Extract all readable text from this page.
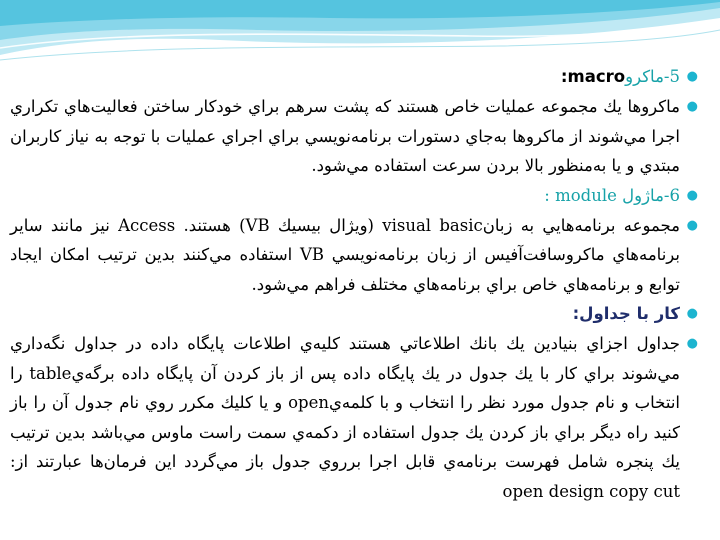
●
5-ماكروmacro:
●
ماكروها يك مجموعه عمليات خاص هستند كه پشت سرهم براي خودكار ساختن فعاليت‌هاي تكراري اجرا مي‌شوند از ماكروها به‌جاي دستورات برنامه‌نويسي براي اجراي عمليات با توجه به نياز كاربران مبتدي و يا به‌منظور بالا بردن سرعت استفاده مي‌شود.
●
6-ماژول module :
●
مجموعه برنامه‌هايي به زبانvisual basic (ويژال بيسيك VB) هستند. Access نيز مانند ساير برنامه‌هاي ماكروسافت‌آفيس از زبان برنامه‌نويسي VB استفاده مي‌كنند بدين ترتيب امكان ايجاد توابع و برنامه‌هاي خاص براي برنامه‌هاي مختلف فراهم مي‌شود.
●
كار با جداول:
●
جداول اجزاي بنيادين يك بانك اطلاعاتي هستند كليه‌ي اطلاعات پايگاه داده در جداول نگه‌داري مي‌شوند براي كار با يك جدول در يك پايگاه داده پس از باز كردن آن پايگاه داده برگه‌يtable را انتخاب و نام جدول مورد نظر را انتخاب و با كلمه‌يopen و يا كليك مكرر روي نام جدول آن را باز كنيد راه ديگر براي باز كردن يك جدول استفاده از دكمه‌ي سمت راست ماوس مي‌باشد بدين ترتيب يك پنجره شامل فهرست برنامه‌ي قابل اجرا برروي جدول باز مي‌گردد اين فرمان‌ها عبارتند از: open design copy cut
